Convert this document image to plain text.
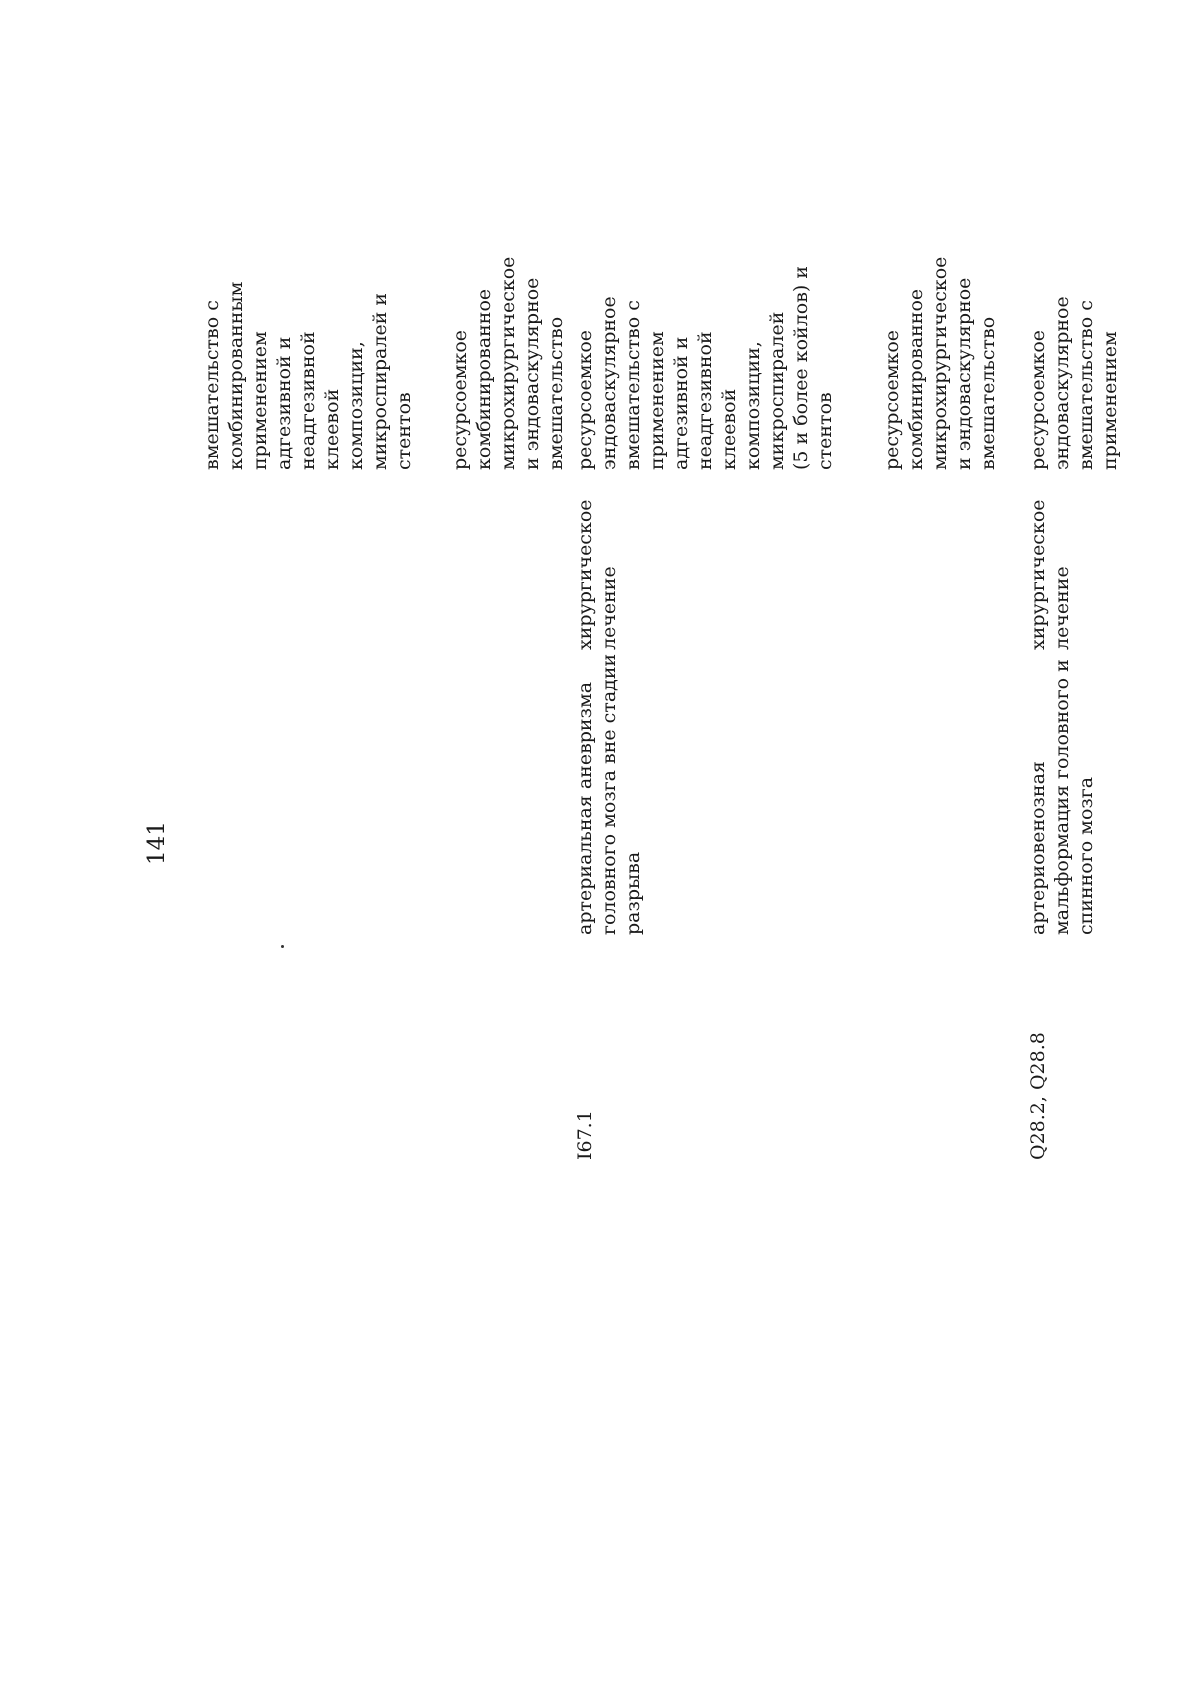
141
вмешательство с комбинированным применением адгезивной и неадгезивной клеевой композиции, микроспиралей и стентов ресурсоемкое комбинированное микрохирургическое и эндоваскулярное вмешательство ресурсоемкое эндоваскулярное вмешательство с применением адгезивной и неадгезивной клеевой композиции, микроспиралей (5 и более койлов) и стентов
хирургическое лечение
артериальная аневризма головного мозга вне стадии разрыва
I67.1
ресурсоемкое комбинированное микрохирургическое и эндоваскулярное вмешательство ресурсоемкое эндоваскулярное вмешательство с применением
хирургическое лечение
артериовенозная мальформация головного и спинного мозга
Q28.2, Q28.8
